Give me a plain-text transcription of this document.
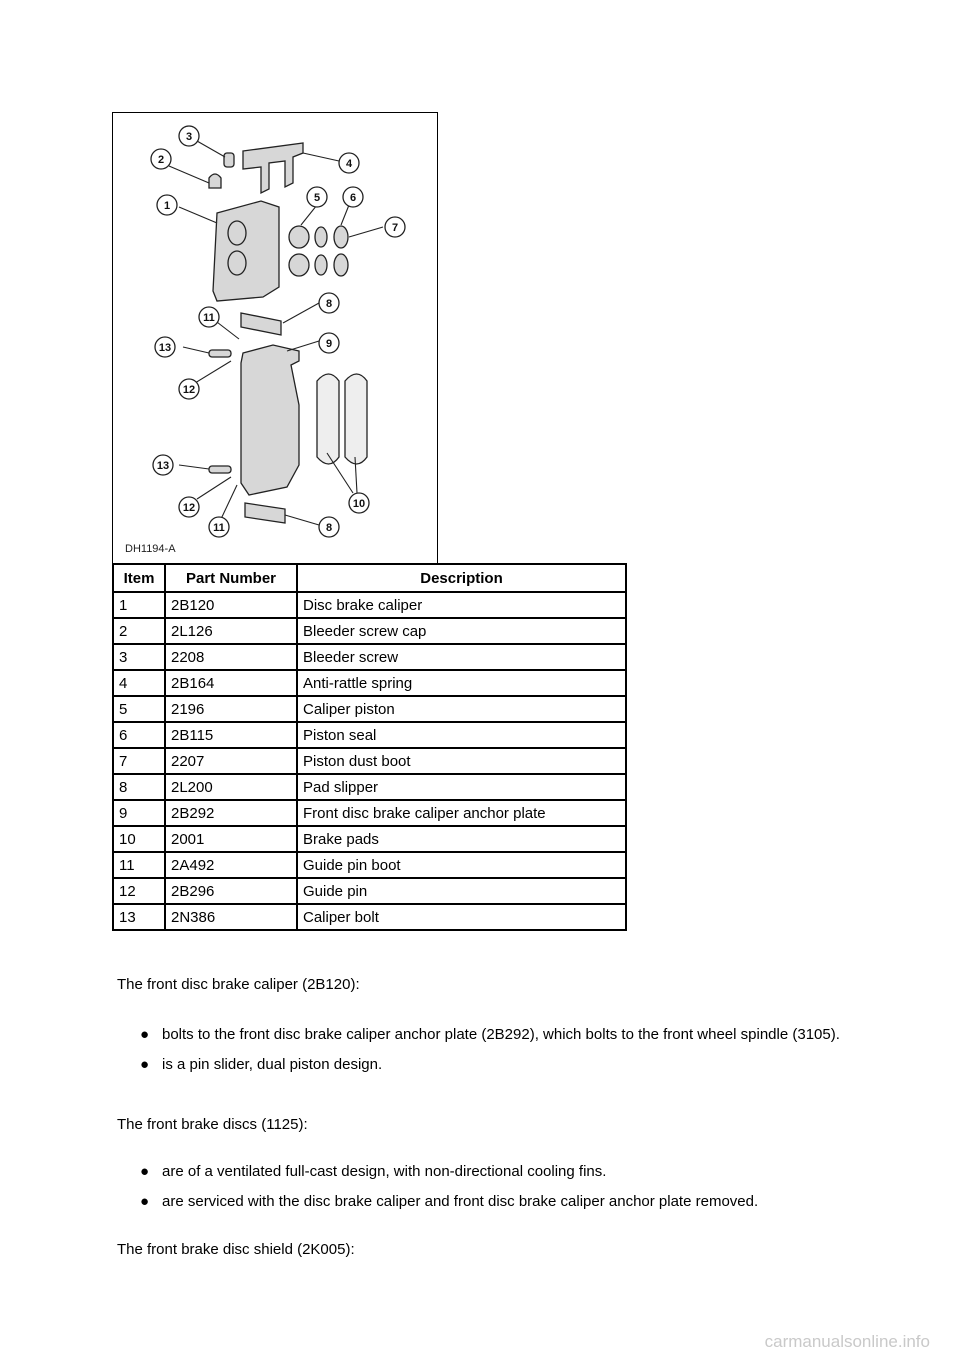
3
2
1
4
5	6
7
8
9
11
13
12
13
12
11	8
10
DH1194-A
Item	Part Number	Description
1	2B120	Disc brake caliper
2	2L126	Bleeder screw cap
3	2208	Bleeder screw
4	2B164	Anti-rattle spring
5	2196	Caliper piston
6	2B115	Piston seal
7	2207	Piston dust boot
8	2L200	Pad slipper
9	2B292	Front disc brake caliper anchor plate
10	2001	Brake pads
11	2A492	Guide pin boot
12	2B296	Guide pin
13	2N386	Caliper bolt
The front disc brake caliper (2B120):
● bolts to the front disc brake caliper anchor plate (2B292), which bolts to the front wheel spindle (3105).
● is a pin slider, dual piston design.
The front brake discs (1125):
● are of a ventilated full-cast design, with non-directional cooling fins.
● are serviced with the disc brake caliper and front disc brake caliper anchor plate removed.
The front brake disc shield (2K005):
carmanualsonline.info
